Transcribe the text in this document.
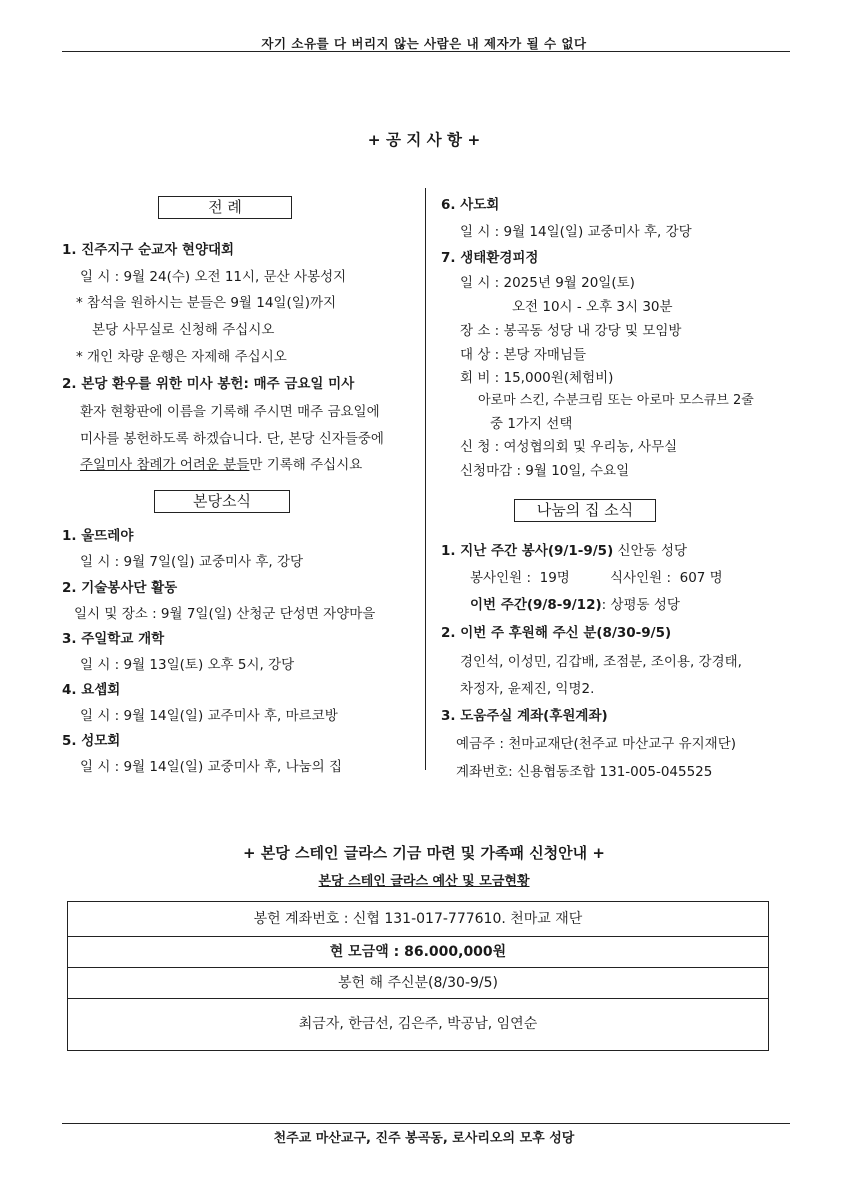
자기 소유를 다 버리지 않는 사람은 내 제자가 될 수 없다
+ 공 지 사 항 +
전 례
1. 진주지구 순교자 현양대회
일 시 : 9월 24(수) 오전 11시, 문산 사봉성지
* 참석을 원하시는 분들은 9월 14일(일)까지
본당 사무실로 신청해 주십시오
* 개인 차량 운행은 자제해 주십시오
2. 본당 환우를 위한 미사 봉헌: 매주 금요일 미사
환자 현황판에 이름을 기록해 주시면 매주 금요일에
미사를 봉헌하도록 하겠습니다. 단, 본당 신자들중에
주일미사 참례가 어려운 분들만 기록해 주십시요
본당소식
1. 울뜨레야
일 시 : 9월 7일(일) 교중미사 후, 강당
2. 기술봉사단 활동
일시 및 장소 : 9월 7일(일) 산청군 단성면 자양마을
3. 주일학교 개학
일 시 : 9월 13일(토) 오후 5시, 강당
4. 요셉회
일 시 : 9월 14일(일) 교주미사 후, 마르코방
5. 성모회
일 시 : 9월 14일(일) 교중미사 후, 나눔의 집
6. 사도회
일 시 : 9월 14일(일) 교중미사 후, 강당
7. 생태환경피정
일 시 : 2025년 9월 20일(토)
오전 10시 - 오후 3시 30분
장 소 : 봉곡동 성당 내 강당 및 모임방
대 상 : 본당 자매님들
회 비 : 15,000원(체험비)
아로마 스킨, 수분크림 또는 아로마 모스큐브 2줄
중 1가지 선택
신 청 : 여성협의회 및 우리농, 사무실
신청마감 : 9월 10일, 수요일
나눔의 집 소식
1. 지난 주간 봉사(9/1-9/5) 신안동 성당
봉사인원 : 19명	식사인원 : 607 명
이번 주간(9/8-9/12): 상평동 성당
2. 이번 주 후원해 주신 분(8/30-9/5)
경인석, 이성민, 김갑배, 조점분, 조이용, 강경태,
차정자, 윤제진, 익명2.
3. 도움주실 계좌(후원계좌)
예금주 : 천마교재단(천주교 마산교구 유지재단)
계좌번호: 신용협동조합 131-005-045525
+ 본당 스테인 글라스 기금 마련 및 가족패 신청안내 +
본당 스테인 글라스 예산 및 모금현황
봉헌 계좌번호 : 신협 131-017-777610. 천마교 재단
현 모금액 : 86.000,000원
봉헌 해 주신분(8/30-9/5)
최금자, 한금선, 김은주, 박공남, 임연순
천주교 마산교구, 진주 봉곡동, 로사리오의 모후 성당
